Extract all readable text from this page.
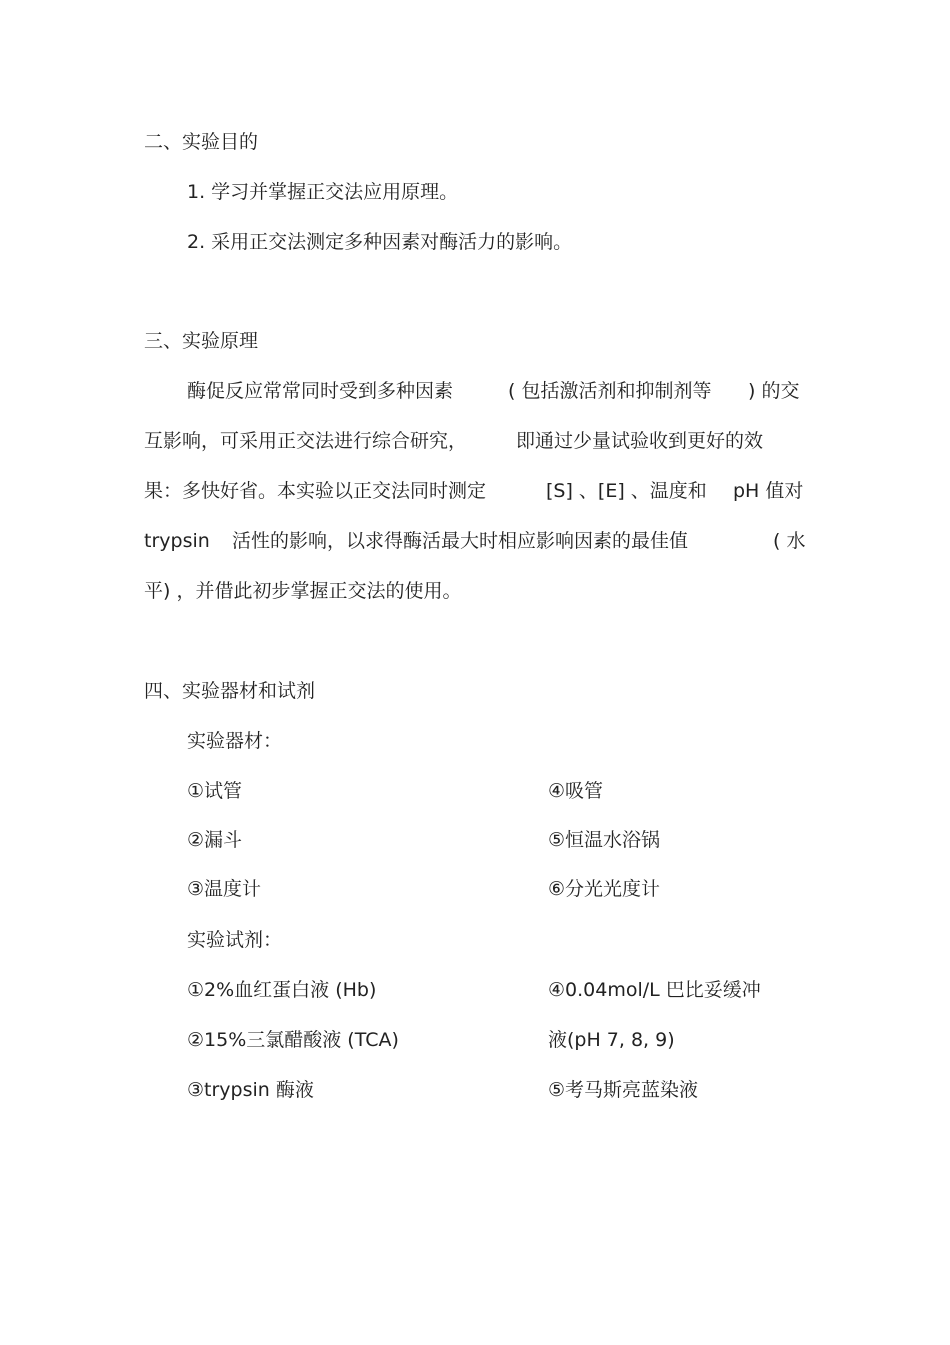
二、实验目的
1. 学习并掌握正交法应用原理。
2. 采用正交法测定多种因素对酶活力的影响。
三、实验原理
酶促反应常常同时受到多种因素	( 包括激活剂和抑制剂等 ) 的交
互影响，可采用正交法进行综合研究，	即通过少量试验收到更好的效
果：多快好省。本实验以正交法同时测定	[S] 、[E] 、温度和 pH 值对
trypsin 活性的影响，以求得酶活最大时相应影响因素的最佳值	( 水
平) ，并借此初步掌握正交法的使用。
四、实验器材和试剂
实验器材：
①试管	④吸管
②漏斗	⑤恒温水浴锅
③温度计	⑥分光光度计
实验试剂：
①2%血红蛋白液 (Hb)	④0.04mol/L 巴比妥缓冲
②15%三氯醋酸液 (TCA)	液(pH 7, 8, 9)
③trypsin 酶液	⑤考马斯亮蓝染液
